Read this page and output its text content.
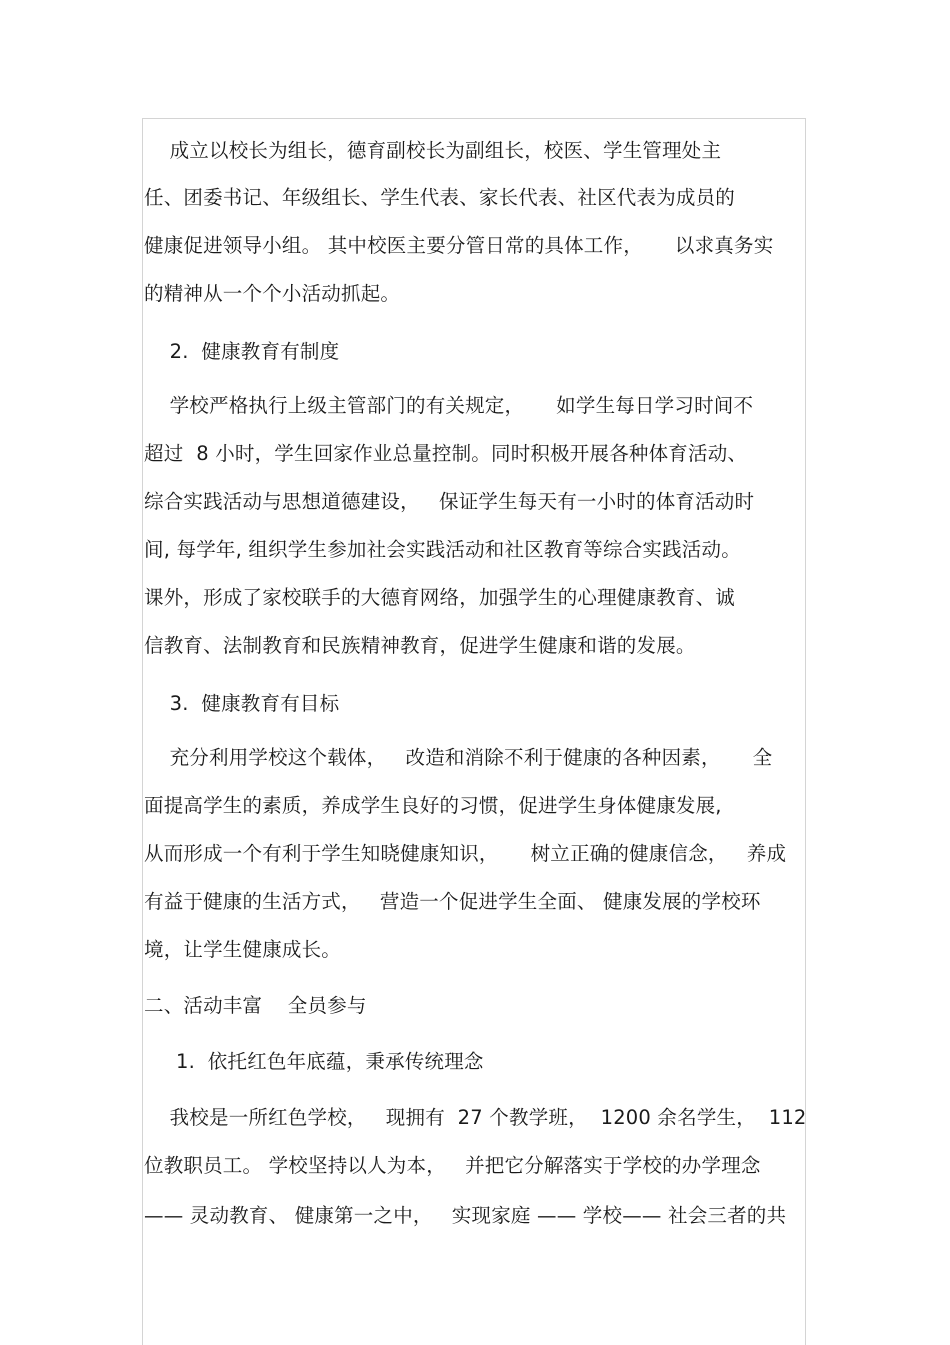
成立以校长为组长，德育副校长为副组长，校医、学生管理处主

任、团委书记、年级组长、学生代表、家长代表、社区代表为成员的

健康促进领导小组。 其中校医主要分管日常的具体工作，     以求真务实

的精神从一个个小活动抓起。

2.  健康教育有制度

学校严格执行上级主管部门的有关规定，     如学生每日学习时间不

超过  8 小时，学生回家作业总量控制。同时积极开展各种体育活动、

综合实践活动与思想道德建设，   保证学生每天有一小时的体育活动时

间, 每学年, 组织学生参加社会实践活动和社区教育等综合实践活动。

课外，形成了家校联手的大德育网络，加强学生的心理健康教育、诚

信教育、法制教育和民族精神教育，促进学生健康和谐的发展。

3.  健康教育有目标

充分利用学校这个载体，   改造和消除不利于健康的各种因素，     全

面提高学生的素质，养成学生良好的习惯，促进学生身体健康发展,

从而形成一个有利于学生知晓健康知识，     树立正确的健康信念，   养成

有益于健康的生活方式，   营造一个促进学生全面、 健康发展的学校环

境，让学生健康成长。

二、活动丰富    全员参与

1.  依托红色年底蕴，秉承传统理念

我校是一所红色学校，   现拥有  27 个教学班，  1200 余名学生，  112

位教职员工。 学校坚持以人为本，   并把它分解落实于学校的办学理念

—— 灵动教育、 健康第一之中，   实现家庭 —— 学校—— 社会三者的共
